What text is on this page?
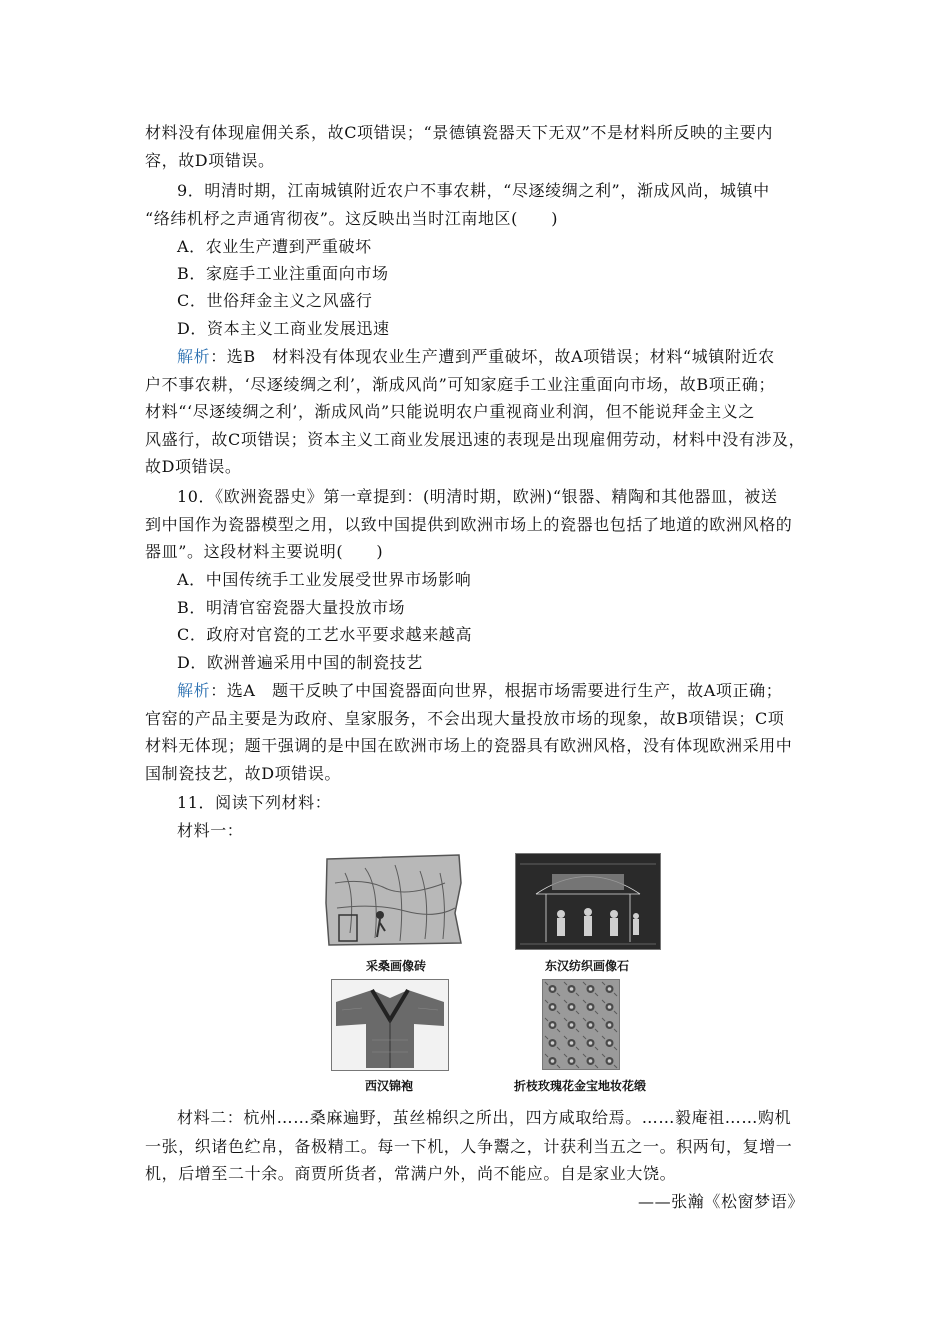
材料没有体现雇佣关系，故C项错误；“景德镇瓷器天下无双”不是材料所反映的主要内
容，故D项错误。
9．明清时期，江南城镇附近农户不事农耕，“尽逐绫绸之利”，渐成风尚，城镇中
“络纬机杼之声通宵彻夜”。这反映出当时江南地区(　　)
A．农业生产遭到严重破坏
B．家庭手工业注重面向市场
C．世俗拜金主义之风盛行
D．资本主义工商业发展迅速
解析：选B　材料没有体现农业生产遭到严重破坏，故A项错误；材料“城镇附近农
户不事农耕，‘尽逐绫绸之利’，渐成风尚”可知家庭手工业注重面向市场，故B项正确；
材料“‘尽逐绫绸之利’，渐成风尚”只能说明农户重视商业利润，但不能说拜金主义之
风盛行，故C项错误；资本主义工商业发展迅速的表现是出现雇佣劳动，材料中没有涉及，
故D项错误。
10．《欧洲瓷器史》第一章提到：(明清时期，欧洲)“银器、精陶和其他器皿，被送
到中国作为瓷器模型之用，以致中国提供到欧洲市场上的瓷器也包括了地道的欧洲风格的
器皿”。这段材料主要说明(　　)
A．中国传统手工业发展受世界市场影响
B．明清官窑瓷器大量投放市场
C．政府对官瓷的工艺水平要求越来越高
D．欧洲普遍采用中国的制瓷技艺
解析：选A　题干反映了中国瓷器面向世界，根据市场需要进行生产，故A项正确；
官窑的产品主要是为政府、皇家服务，不会出现大量投放市场的现象，故B项错误；C项
材料无体现；题干强调的是中国在欧洲市场上的瓷器具有欧洲风格，没有体现欧洲采用中
国制瓷技艺，故D项错误。
11．阅读下列材料：
材料一：
采桑画像砖	东汉纺织画像石
西汉锦袍	折枝玫瑰花金宝地妆花缎
材料二：杭州……桑麻遍野，茧丝棉织之所出，四方咸取给焉。……毅庵祖……购机
一张，织诸色纻帛，备极精工。每一下机，人争鬻之，计获利当五之一。积两旬，复增一
机，后增至二十余。商贾所货者，常满户外，尚不能应。自是家业大饶。
——张瀚《松窗梦语》
